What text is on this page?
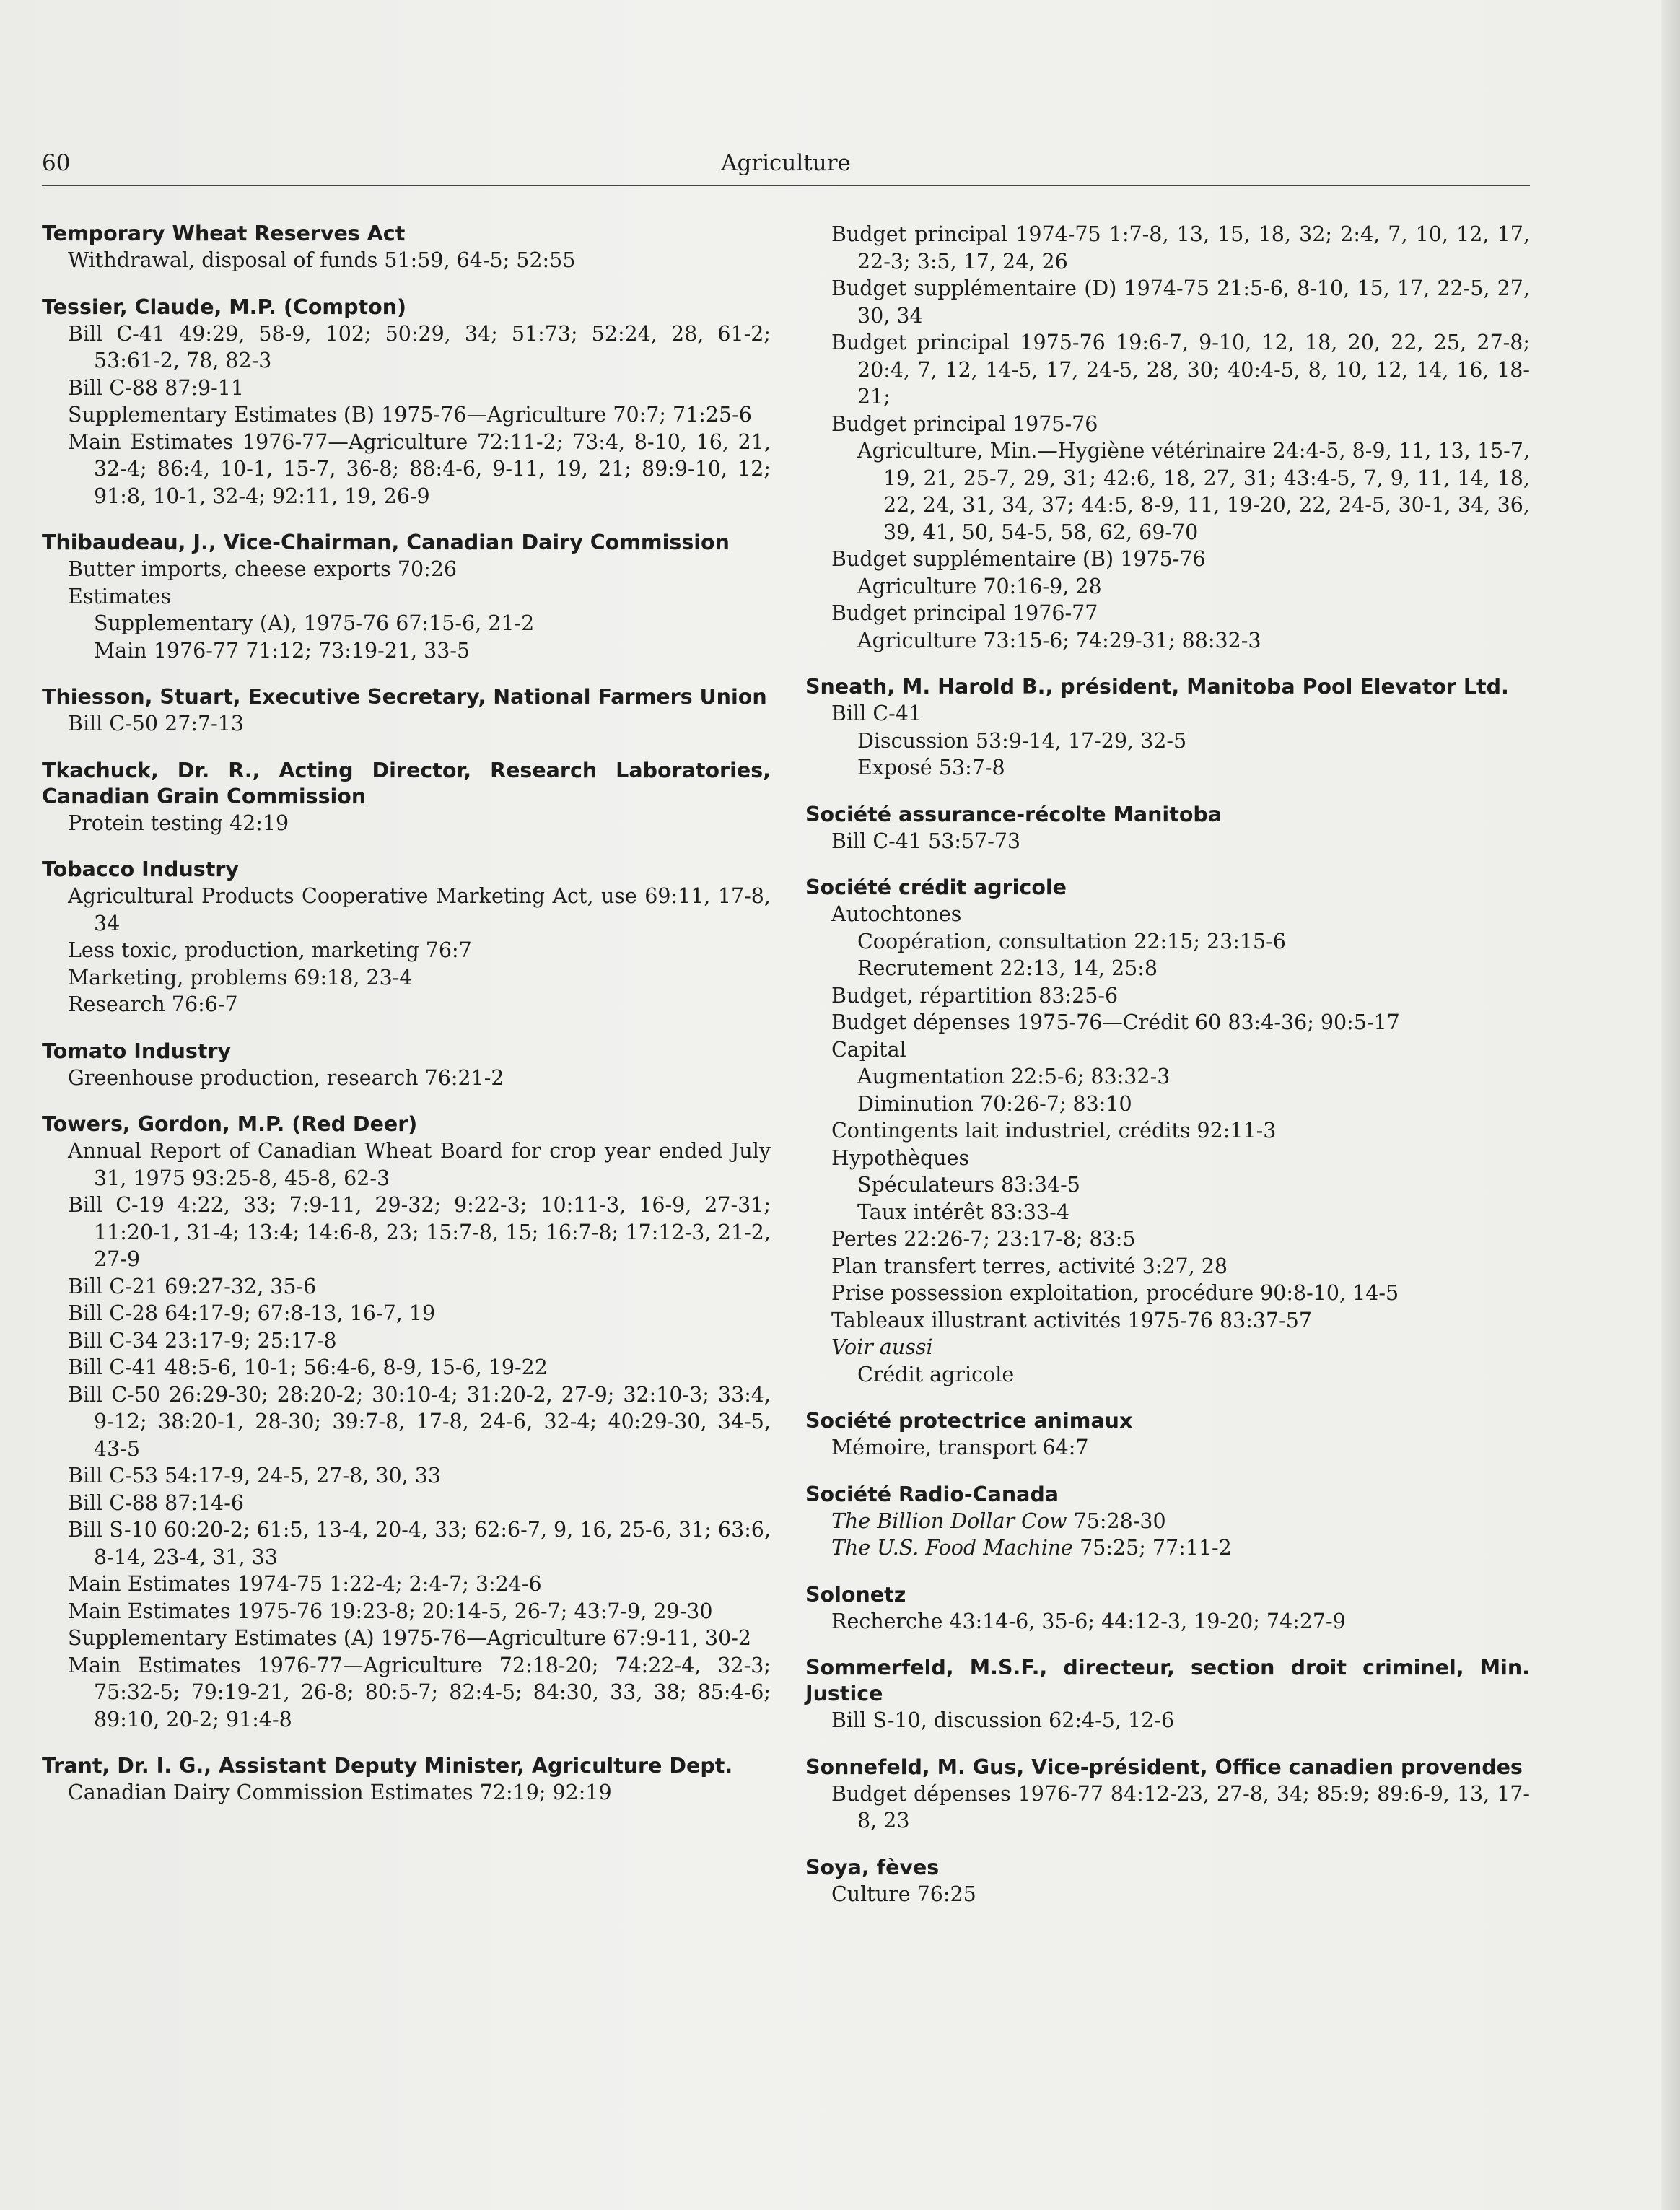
60	Agriculture
Temporary Wheat Reserves Act
Withdrawal, disposal of funds 51:59, 64-5; 52:55
Tessier, Claude, M.P. (Compton)
Bill C-41 49:29, 58-9, 102; 50:29, 34; 51:73; 52:24, 28, 61-2; 53:61-2, 78, 82-3
Bill C-88 87:9-11
Supplementary Estimates (B) 1975-76—Agriculture 70:7; 71:25-6
Main Estimates 1976-77—Agriculture 72:11-2; 73:4, 8-10, 16, 21, 32-4; 86:4, 10-1, 15-7, 36-8; 88:4-6, 9-11, 19, 21; 89:9-10, 12; 91:8, 10-1, 32-4; 92:11, 19, 26-9
Thibaudeau, J., Vice-Chairman, Canadian Dairy Commission
Butter imports, cheese exports 70:26
Estimates
Supplementary (A), 1975-76 67:15-6, 21-2
Main 1976-77 71:12; 73:19-21, 33-5
Thiesson, Stuart, Executive Secretary, National Farmers Union
Bill C-50 27:7-13
Tkachuck, Dr. R., Acting Director, Research Laboratories, Canadian Grain Commission
Protein testing 42:19
Tobacco Industry
Agricultural Products Cooperative Marketing Act, use 69:11, 17-8, 34
Less toxic, production, marketing 76:7
Marketing, problems 69:18, 23-4
Research 76:6-7
Tomato Industry
Greenhouse production, research 76:21-2
Towers, Gordon, M.P. (Red Deer)
Annual Report of Canadian Wheat Board for crop year ended July 31, 1975 93:25-8, 45-8, 62-3
Bill C-19 4:22, 33; 7:9-11, 29-32; 9:22-3; 10:11-3, 16-9, 27-31; 11:20-1, 31-4; 13:4; 14:6-8, 23; 15:7-8, 15; 16:7-8; 17:12-3, 21-2, 27-9
Bill C-21 69:27-32, 35-6
Bill C-28 64:17-9; 67:8-13, 16-7, 19
Bill C-34 23:17-9; 25:17-8
Bill C-41 48:5-6, 10-1; 56:4-6, 8-9, 15-6, 19-22
Bill C-50 26:29-30; 28:20-2; 30:10-4; 31:20-2, 27-9; 32:10-3; 33:4, 9-12; 38:20-1, 28-30; 39:7-8, 17-8, 24-6, 32-4; 40:29-30, 34-5, 43-5
Bill C-53 54:17-9, 24-5, 27-8, 30, 33
Bill C-88 87:14-6
Bill S-10 60:20-2; 61:5, 13-4, 20-4, 33; 62:6-7, 9, 16, 25-6, 31; 63:6, 8-14, 23-4, 31, 33
Main Estimates 1974-75 1:22-4; 2:4-7; 3:24-6
Main Estimates 1975-76 19:23-8; 20:14-5, 26-7; 43:7-9, 29-30
Supplementary Estimates (A) 1975-76—Agriculture 67:9-11, 30-2
Main Estimates 1976-77—Agriculture 72:18-20; 74:22-4, 32-3; 75:32-5; 79:19-21, 26-8; 80:5-7; 82:4-5; 84:30, 33, 38; 85:4-6; 89:10, 20-2; 91:4-8
Trant, Dr. I. G., Assistant Deputy Minister, Agriculture Dept.
Canadian Dairy Commission Estimates 72:19; 92:19
Budget principal 1974-75 1:7-8, 13, 15, 18, 32; 2:4, 7, 10, 12, 17, 22-3; 3:5, 17, 24, 26
Budget supplémentaire (D) 1974-75 21:5-6, 8-10, 15, 17, 22-5, 27, 30, 34
Budget principal 1975-76 19:6-7, 9-10, 12, 18, 20, 22, 25, 27-8; 20:4, 7, 12, 14-5, 17, 24-5, 28, 30; 40:4-5, 8, 10, 12, 14, 16, 18-21;
Budget principal 1975-76
Agriculture, Min.—Hygiène vétérinaire 24:4-5, 8-9, 11, 13, 15-7, 19, 21, 25-7, 29, 31; 42:6, 18, 27, 31; 43:4-5, 7, 9, 11, 14, 18, 22, 24, 31, 34, 37; 44:5, 8-9, 11, 19-20, 22, 24-5, 30-1, 34, 36, 39, 41, 50, 54-5, 58, 62, 69-70
Budget supplémentaire (B) 1975-76
Agriculture 70:16-9, 28
Budget principal 1976-77
Agriculture 73:15-6; 74:29-31; 88:32-3
Sneath, M. Harold B., président, Manitoba Pool Elevator Ltd.
Bill C-41
Discussion 53:9-14, 17-29, 32-5
Exposé 53:7-8
Société assurance-récolte Manitoba
Bill C-41 53:57-73
Société crédit agricole
Autochtones
Coopération, consultation 22:15; 23:15-6
Recrutement 22:13, 14, 25:8
Budget, répartition 83:25-6
Budget dépenses 1975-76—Crédit 60 83:4-36; 90:5-17
Capital
Augmentation 22:5-6; 83:32-3
Diminution 70:26-7; 83:10
Contingents lait industriel, crédits 92:11-3
Hypothèques
Spéculateurs 83:34-5
Taux intérêt 83:33-4
Pertes 22:26-7; 23:17-8; 83:5
Plan transfert terres, activité 3:27, 28
Prise possession exploitation, procédure 90:8-10, 14-5
Tableaux illustrant activités 1975-76 83:37-57
Voir aussi
Crédit agricole
Société protectrice animaux
Mémoire, transport 64:7
Société Radio-Canada
The Billion Dollar Cow 75:28-30
The U.S. Food Machine 75:25; 77:11-2
Solonetz
Recherche 43:14-6, 35-6; 44:12-3, 19-20; 74:27-9
Sommerfeld, M.S.F., directeur, section droit criminel, Min. Justice
Bill S-10, discussion 62:4-5, 12-6
Sonnefeld, M. Gus, Vice-président, Office canadien provendes
Budget dépenses 1976-77 84:12-23, 27-8, 34; 85:9; 89:6-9, 13, 17-8, 23
Soya, fèves
Culture 76:25
